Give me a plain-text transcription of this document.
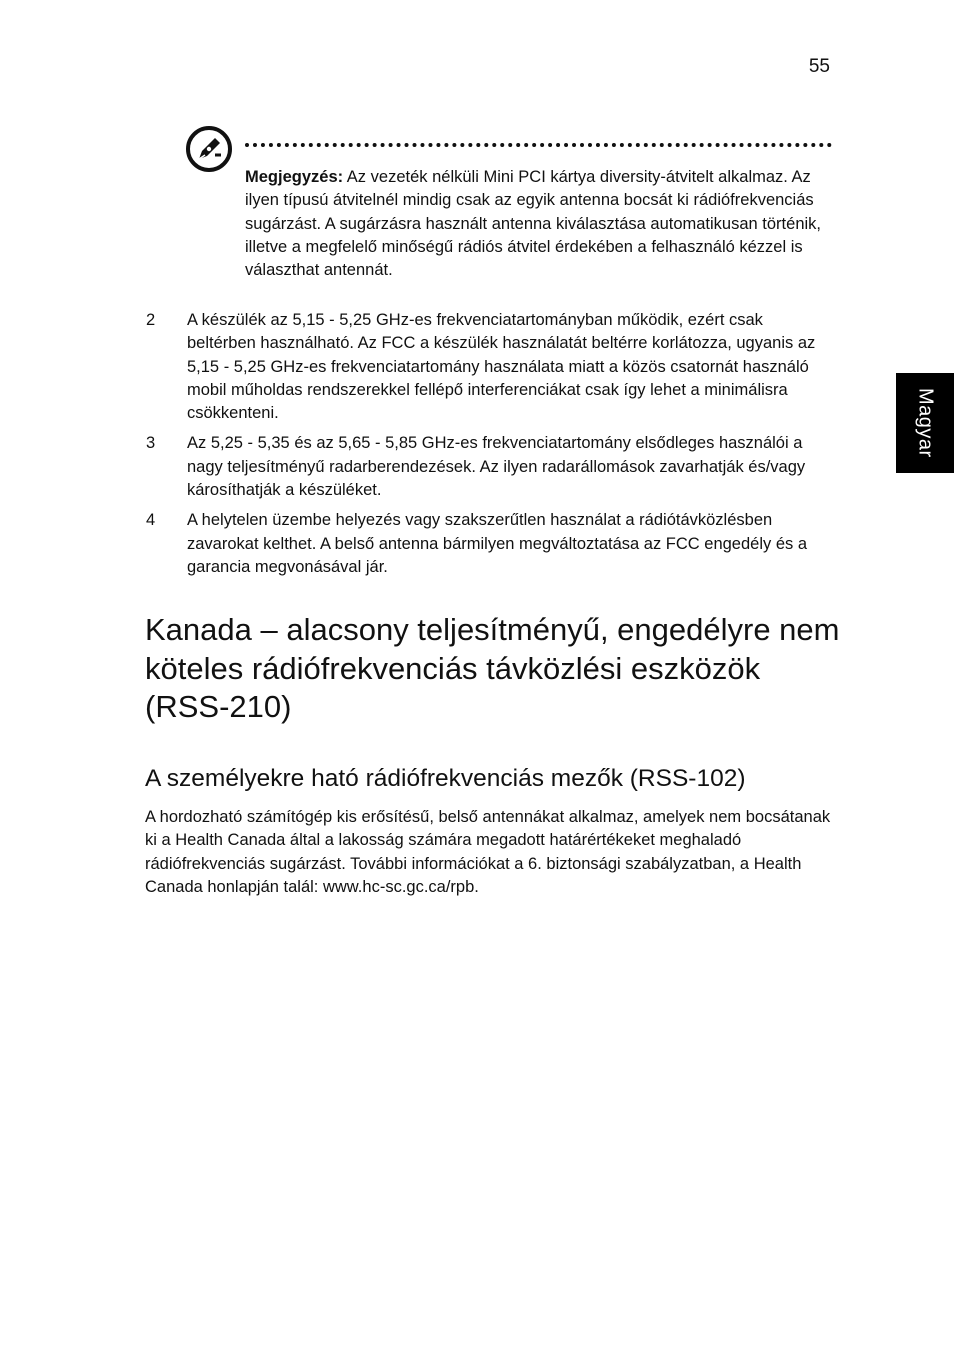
55
Megjegyzés: Az vezeték nélküli Mini PCI kártya diversity-átvitelt alkalmaz. Az ilyen típusú átvitelnél mindig csak az egyik antenna bocsát ki rádiófrekvenciás sugárzást. A sugárzásra használt antenna kiválasztása automatikusan történik, illetve a megfelelő minőségű rádiós átvitel érdekében a felhasználó kézzel is választhat antennát.
2	A készülék az 5,15 - 5,25 GHz-es frekvenciatartományban működik, ezért csak beltérben használható. Az FCC a készülék használatát beltérre korlátozza, ugyanis az 5,15 - 5,25 GHz-es frekvenciatartomány használata miatt a közös csatornát használó mobil műholdas rendszerekkel fellépő interferenciákat csak így lehet a minimálisra csökkenteni.
3	Az 5,25 - 5,35 és az 5,65 - 5,85 GHz-es frekvenciatartomány elsődleges használói a nagy teljesítményű radarberendezések. Az ilyen radarállomások zavarhatják és/vagy károsíthatják a készüléket.
4	A helytelen üzembe helyezés vagy szakszerűtlen használat a rádiótávközlésben zavarokat kelthet. A belső antenna bármilyen megváltoztatása az FCC engedély és a garancia megvonásával jár.
Kanada – alacsony teljesítményű, engedélyre nem köteles rádiófrekvenciás távközlési eszközök (RSS-210)
A személyekre ható rádiófrekvenciás mezők (RSS-102)
A hordozható számítógép kis erősítésű, belső antennákat alkalmaz, amelyek nem bocsátanak ki a Health Canada által a lakosság számára megadott határértékeket meghaladó rádiófrekvenciás sugárzást. További információkat a 6. biztonsági szabályzatban, a Health Canada honlapján talál: www.hc-sc.gc.ca/rpb.
Magyar
